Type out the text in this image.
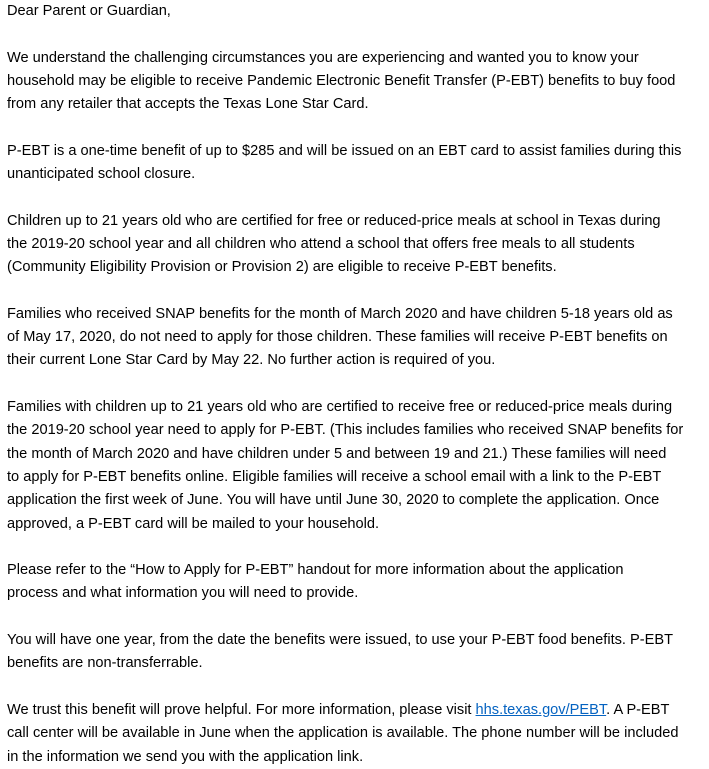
Dear Parent or Guardian,

We understand the challenging circumstances you are experiencing and wanted you to know your
household may be eligible to receive Pandemic Electronic Benefit Transfer (P-EBT) benefits to buy food
from any retailer that accepts the Texas Lone Star Card.

P-EBT is a one-time benefit of up to $285 and will be issued on an EBT card to assist families during this
unanticipated school closure.

Children up to 21 years old who are certified for free or reduced-price meals at school in Texas during
the 2019-20 school year and all children who attend a school that offers free meals to all students
(Community Eligibility Provision or Provision 2) are eligible to receive P-EBT benefits.

Families who received SNAP benefits for the month of March 2020 and have children 5-18 years old as
of May 17, 2020, do not need to apply for those children. These families will receive P-EBT benefits on
their current Lone Star Card by May 22. No further action is required of you.

Families with children up to 21 years old who are certified to receive free or reduced-price meals during
the 2019-20 school year need to apply for P-EBT. (This includes families who received SNAP benefits for
the month of March 2020 and have children under 5 and between 19 and 21.) These families will need
to apply for P-EBT benefits online. Eligible families will receive a school email with a link to the P-EBT
application the first week of June. You will have until June 30, 2020 to complete the application. Once
approved, a P-EBT card will be mailed to your household.

Please refer to the “How to Apply for P-EBT” handout for more information about the application
process and what information you will need to provide.

You will have one year, from the date the benefits were issued, to use your P-EBT food benefits. P-EBT
benefits are non-transferrable.

We trust this benefit will prove helpful. For more information, please visit hhs.texas.gov/PEBT. A P-EBT
call center will be available in June when the application is available. The phone number will be included
in the information we send you with the application link.
